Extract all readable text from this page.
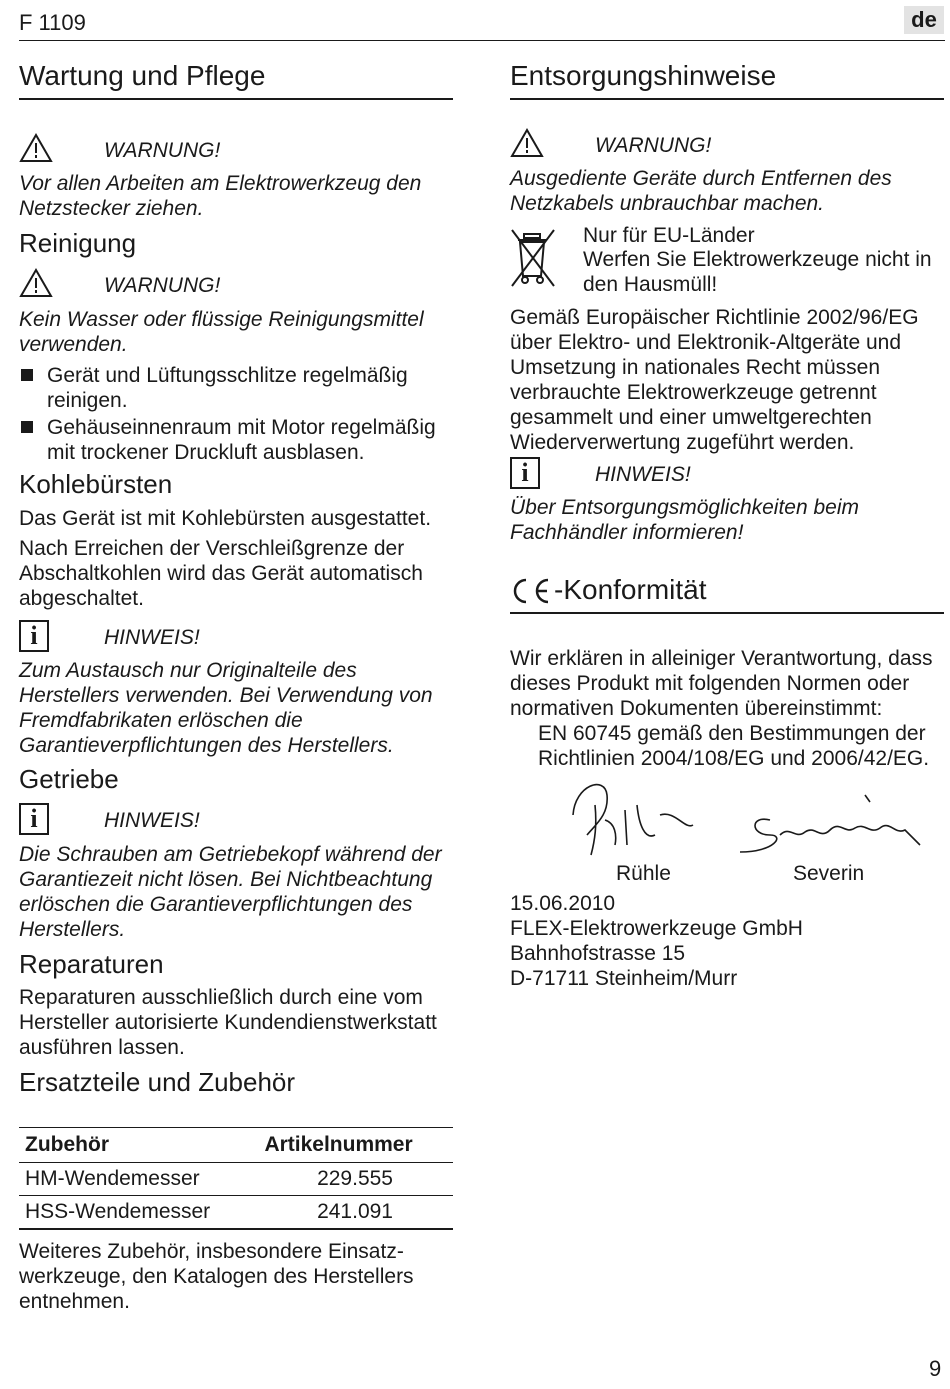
F 1109	de
Wartung und Pflege
WARNUNG!
Vor allen Arbeiten am Elektrowerkzeug den Netzstecker ziehen.
Reinigung
WARNUNG!
Kein Wasser oder flüssige Reinigungsmittel verwenden.
Gerät und Lüftungsschlitze regelmäßig reinigen.
Gehäuseinnenraum mit Motor regelmäßig mit trockener Druckluft ausblasen.
Kohlebürsten
Das Gerät ist mit Kohlebürsten ausgestattet.
Nach Erreichen der Verschleißgrenze der Abschaltkohlen wird das Gerät automatisch abgeschaltet.
i	HINWEIS!
Zum Austausch nur Originalteile des Herstellers verwenden. Bei Verwendung von Fremdfabrikaten erlöschen die Garantieverpflichtungen des Herstellers.
Getriebe
i	HINWEIS!
Die Schrauben am Getriebekopf während der Garantiezeit nicht lösen. Bei Nichtbeachtung erlöschen die Garantieverpflichtungen des Herstellers.
Reparaturen
Reparaturen ausschließlich durch eine vom Hersteller autorisierte Kundendienstwerkstatt ausführen lassen.
Ersatzteile und Zubehör
Zubehör	Artikelnummer
HM-Wendemesser	229.555
HSS-Wendemesser	241.091
Weiteres Zubehör, insbesondere Einsatz-werkzeuge, den Katalogen des Herstellers entnehmen.
Entsorgungshinweise
WARNUNG!
Ausgediente Geräte durch Entfernen des Netzkabels unbrauchbar machen.
Nur für EU-Länder
Werfen Sie Elektrowerkzeuge nicht in den Hausmüll!
Gemäß Europäischer Richtlinie 2002/96/EG über Elektro- und Elektronik-Altgeräte und Umsetzung in nationales Recht müssen verbrauchte Elektrowerkzeuge getrennt gesammelt und einer umweltgerechten Wiederverwertung zugeführt werden.
i	HINWEIS!
Über Entsorgungsmöglichkeiten beim Fachhändler informieren!
-Konformität
Wir erklären in alleiniger Verantwortung, dass dieses Produkt mit folgenden Normen oder normativen Dokumenten übereinstimmt:
EN 60745 gemäß den Bestimmungen der Richtlinien 2004/108/EG und 2006/42/EG.
Rühle	Severin
15.06.2010
FLEX-Elektrowerkzeuge GmbH
Bahnhofstrasse 15
D-71711 Steinheim/Murr
9
